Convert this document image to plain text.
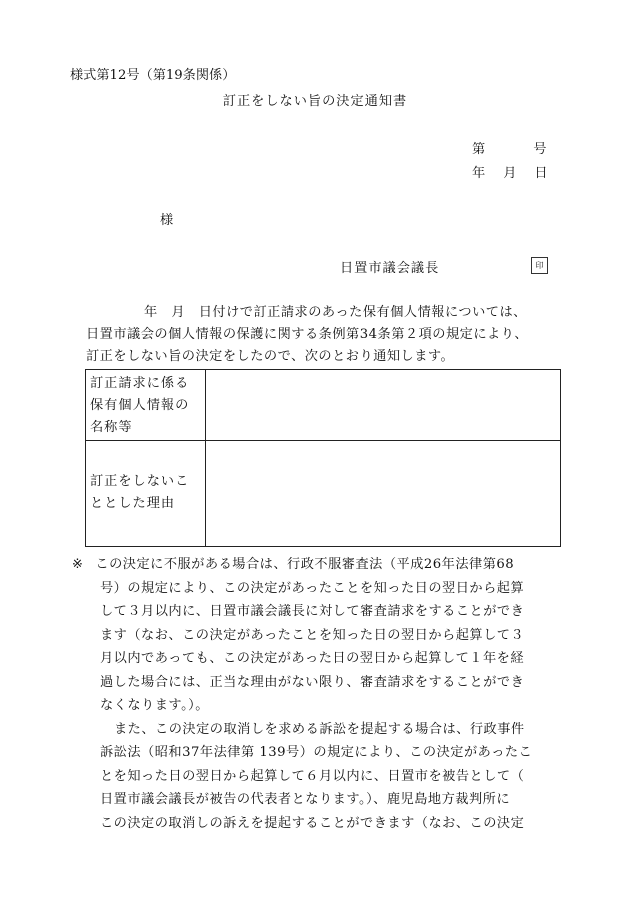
様式第12号（第19条関係）
訂正をしない旨の決定通知書
第	号
年 月 日
様
日置市議会議長	印

年　月　日付けで訂正請求のあった保有個人情報については、

日置市議会の個人情報の保護に関する条例第34条第２項の規定により、

訂正をしない旨の決定をしたので、次のとおり通知します。

訂正請求に係る
保有個人情報の
名称等
訂正をしないこ
ととした理由

※ この決定に不服がある場合は、行政不服審査法（平成26年法律第68

号）の規定により、この決定があったことを知った日の翌日から起算

して３月以内に、日置市議会議長に対して審査請求をすることができ

ます（なお、この決定があったことを知った日の翌日から起算して３

月以内であっても、この決定があった日の翌日から起算して１年を経

過した場合には、正当な理由がない限り、審査請求をすることができ

なくなります。）。

また、この決定の取消しを求める訴訟を提起する場合は、行政事件

訴訟法（昭和37年法律第 139号）の規定により、この決定があったこ

とを知った日の翌日から起算して６月以内に、日置市を被告として（

日置市議会議長が被告の代表者となります。）、鹿児島地方裁判所に

この決定の取消しの訴えを提起することができます（なお、この決定
